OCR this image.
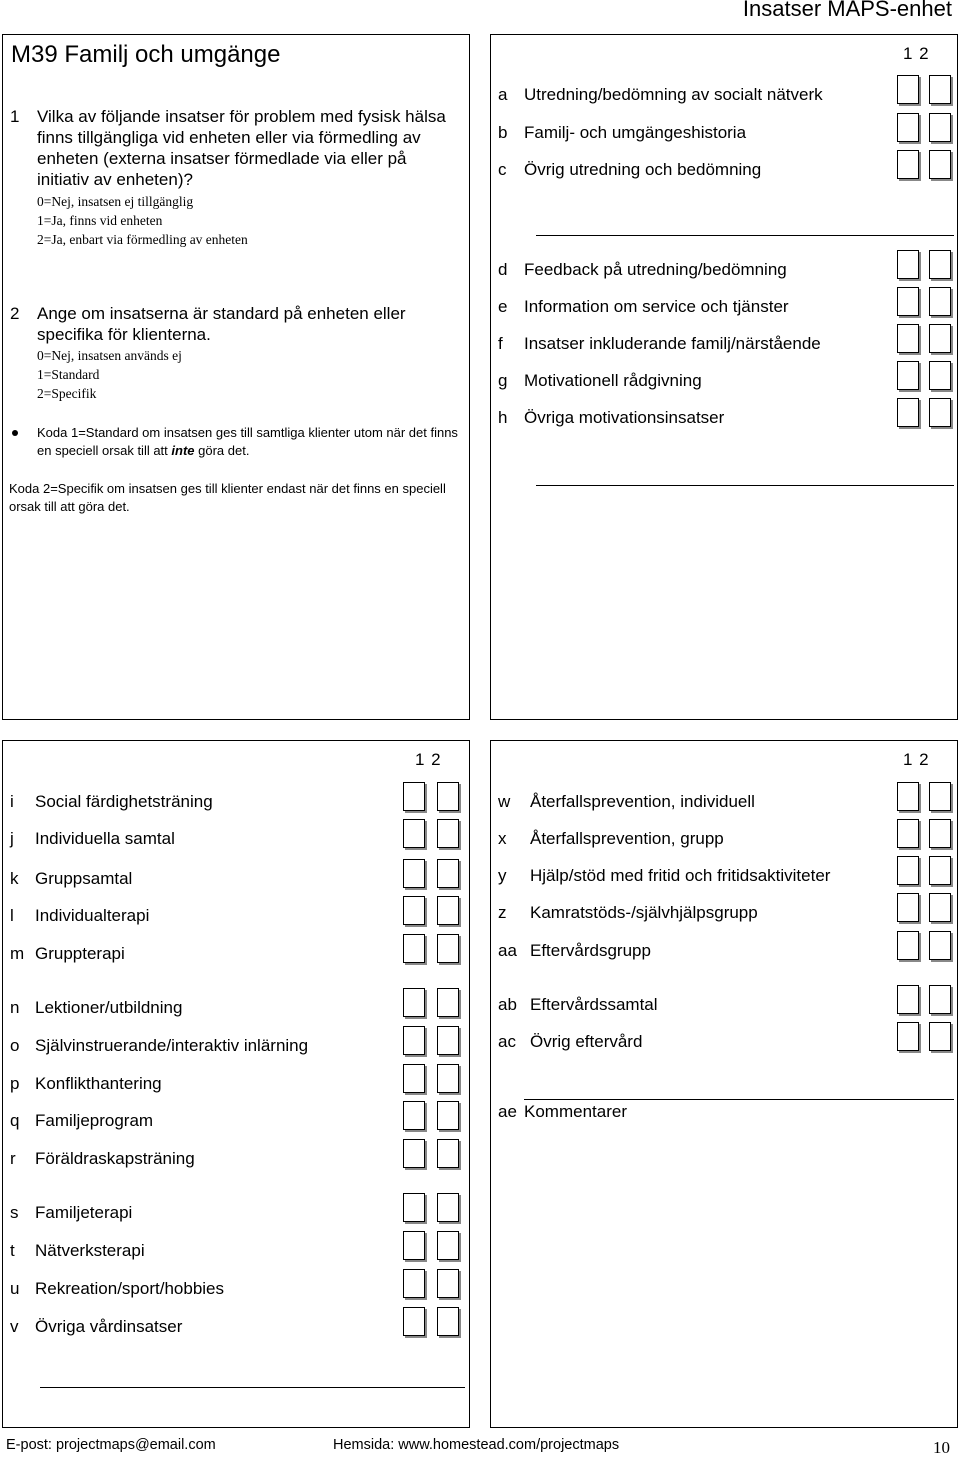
Insatser MAPS-enhet
M39 Familj och umgänge
1 Vilka av följande insatser för problem med fysisk hälsa finns tillgängliga vid enheten eller via förmedling av enheten (externa insatser förmedlade via eller på initiativ av enheten)?
0=Nej, insatsen ej tillgänglig
1=Ja, finns vid enheten
2=Ja, enbart via förmedling av enheten
2 Ange om insatserna är standard på enheten eller specifika för klienterna.
0=Nej, insatsen används ej
1=Standard
2=Specifik
Koda 1=Standard om insatsen ges till samtliga klienter utom när det finns en speciell orsak till att inte göra det.
Koda 2=Specifik om insatsen ges till klienter endast när det finns en speciell orsak till att göra det.
1 2
a Utredning/bedömning av socialt nätverk
b Familj- och umgängeshistoria
c Övrig utredning och bedömning
d Feedback på utredning/bedömning
e Information om service och tjänster
f Insatser inkluderande familj/närstående
g Motivationell rådgivning
h Övriga motivationsinsatser
1 2
i Social färdighetsträning
j Individuella samtal
k Gruppsamtal
l Individualterapi
m Gruppterapi
n Lektioner/utbildning
o Självinstruerande/interaktiv inlärning
p Konflikthantering
q Familjeprogram
r Föräldraskapsträning
s Familjeterapi
t Nätverksterapi
u Rekreation/sport/hobbies
v Övriga vårdinsatser
1 2
w Återfallsprevention, individuell
x Återfallsprevention, grupp
y Hjälp/stöd med fritid och fritidsaktiviteter
z Kamratstöds-/självhjälpsgrupp
aa Eftervårdsgrupp
ab Eftervårdssamtal
ac Övrig eftervård
ae Kommentarer
E-post: projectmaps@email.com	Hemsida: www.homestead.com/projectmaps	10
